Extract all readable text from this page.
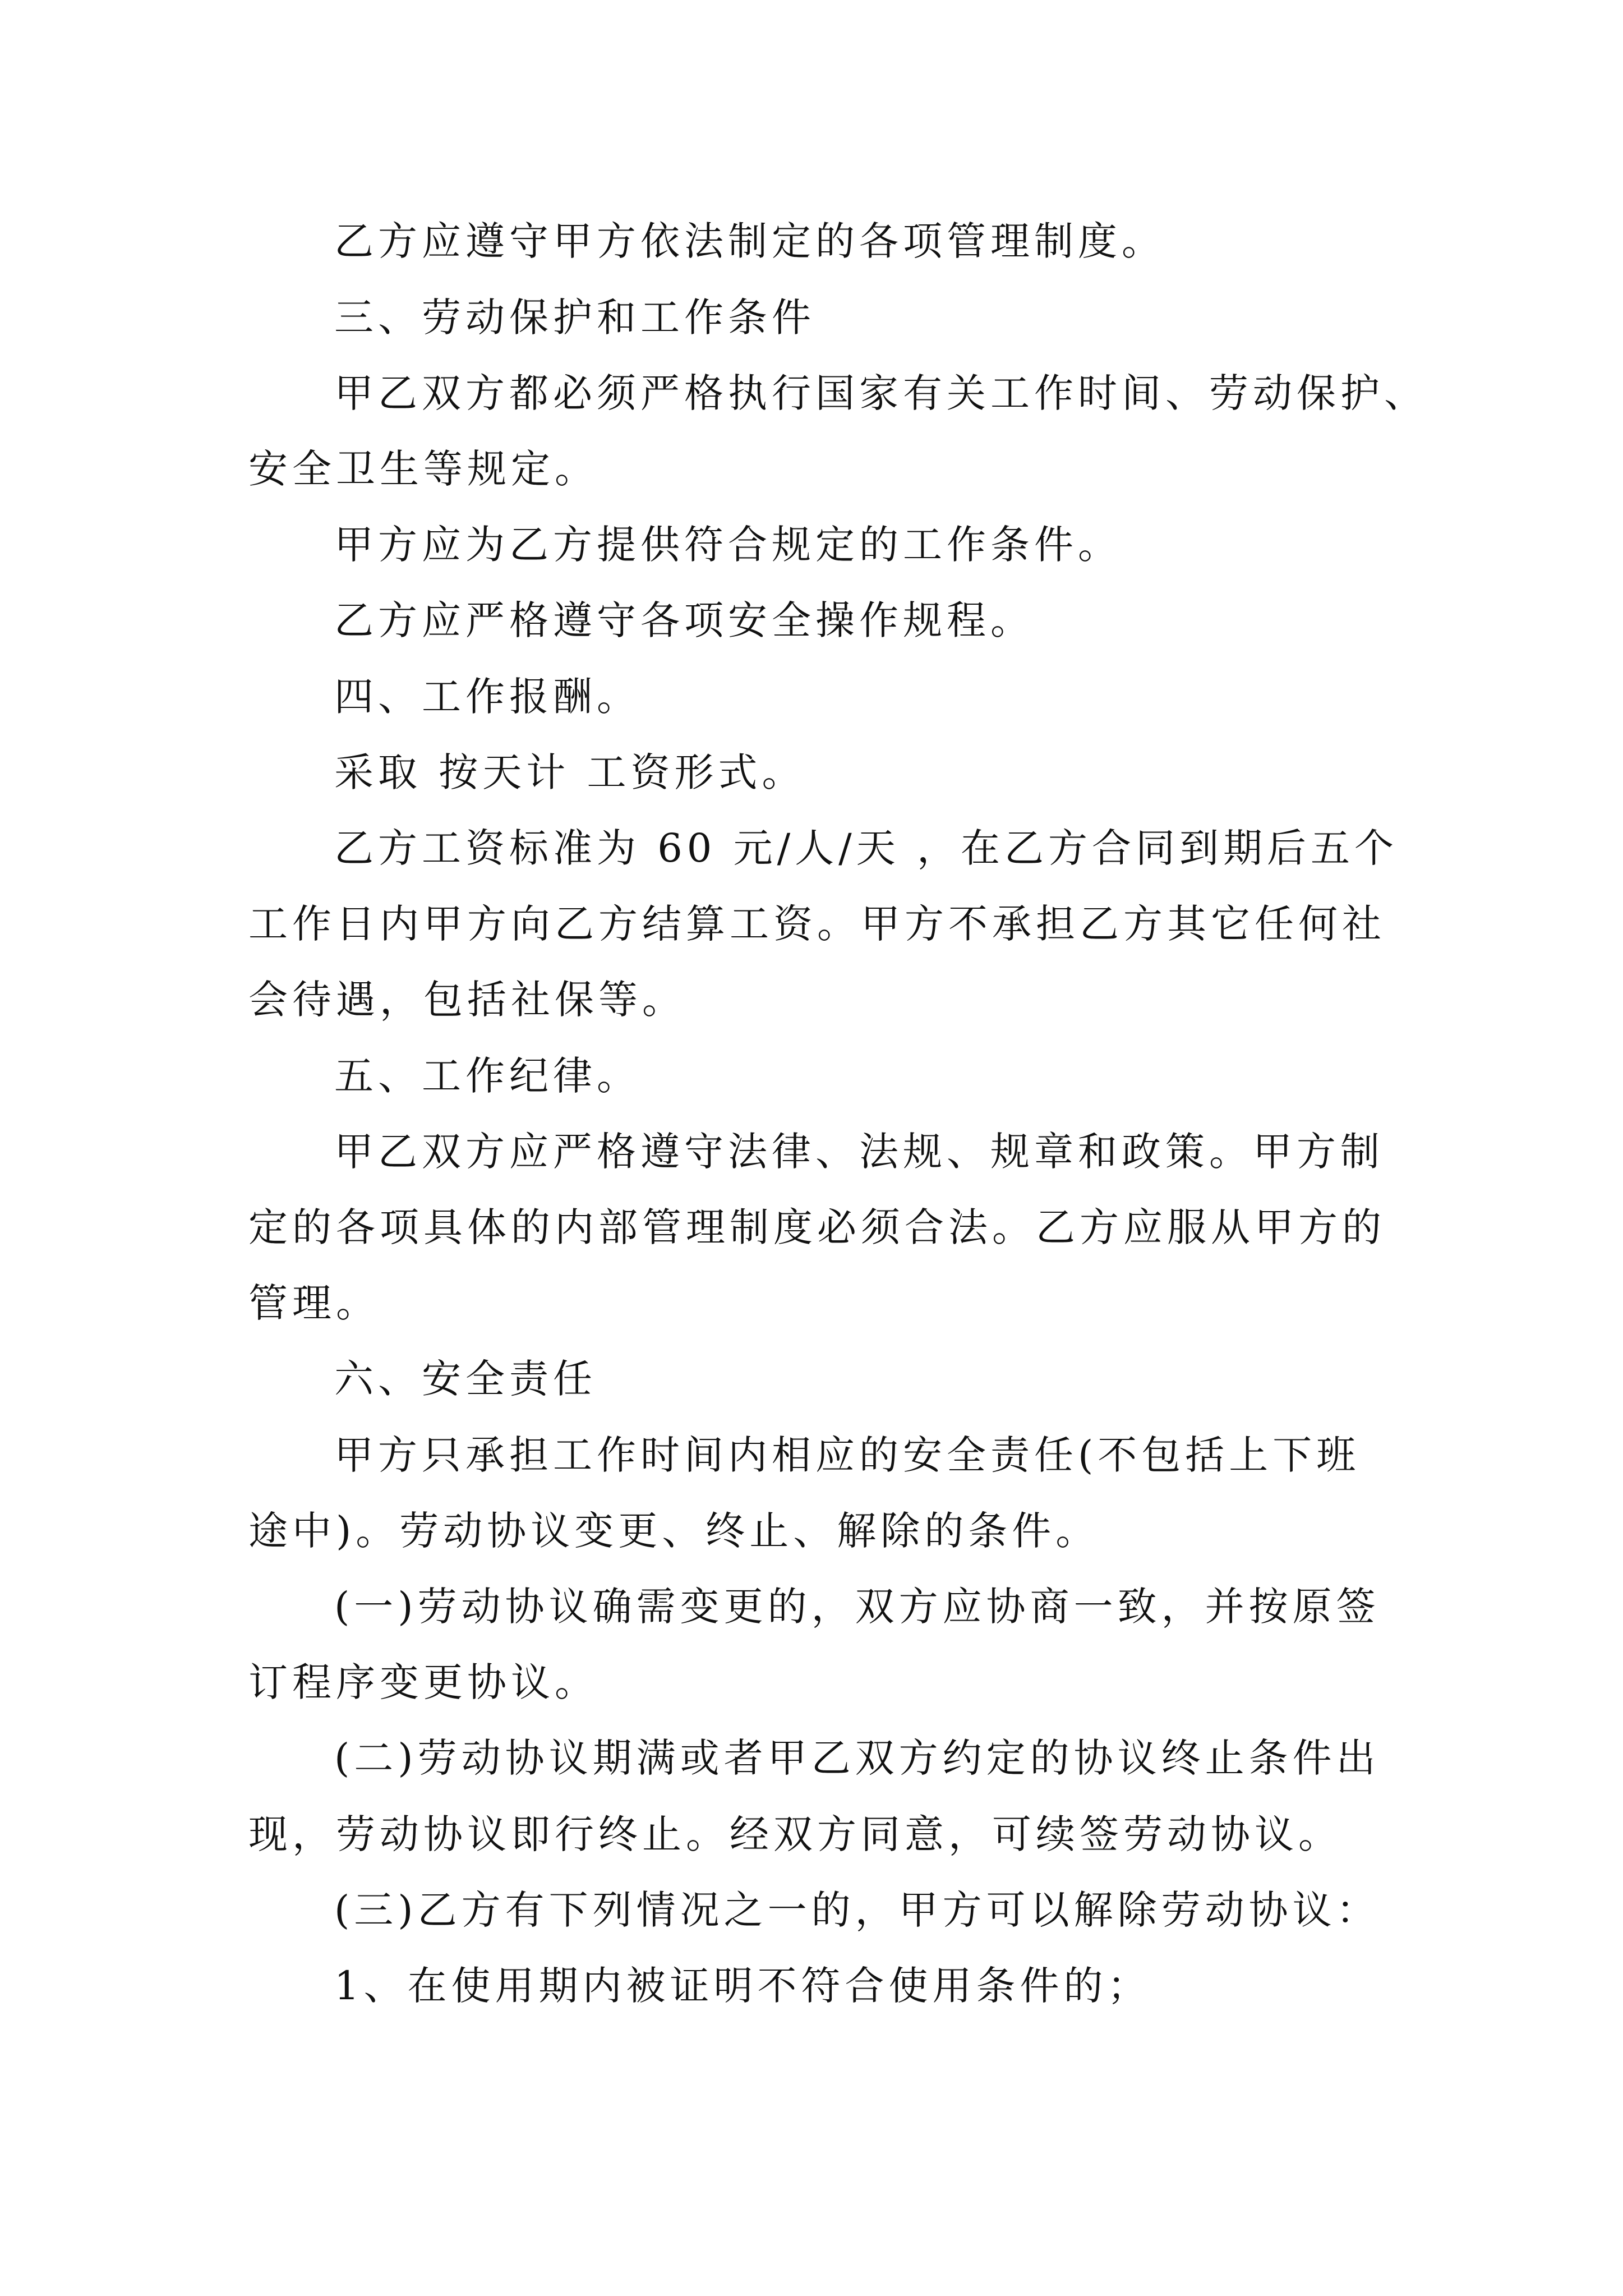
乙方应遵守甲方依法制定的各项管理制度。

三、劳动保护和工作条件

甲乙双方都必须严格执行国家有关工作时间、劳动保护、

安全卫生等规定。

甲方应为乙方提供符合规定的工作条件。

乙方应严格遵守各项安全操作规程。

四、工作报酬。

采取 按天计 工资形式。

乙方工资标准为 60 元/人/天 ，在乙方合同到期后五个

工作日内甲方向乙方结算工资。甲方不承担乙方其它任何社

会待遇，包括社保等。

五、工作纪律。

甲乙双方应严格遵守法律、法规、规章和政策。甲方制

定的各项具体的内部管理制度必须合法。乙方应服从甲方的

管理。

六、安全责任

甲方只承担工作时间内相应的安全责任(不包括上下班

途中)。劳动协议变更、终止、解除的条件。

(一)劳动协议确需变更的，双方应协商一致，并按原签

订程序变更协议。

(二)劳动协议期满或者甲乙双方约定的协议终止条件出

现，劳动协议即行终止。经双方同意，可续签劳动协议。

(三)乙方有下列情况之一的，甲方可以解除劳动协议：

1、在使用期内被证明不符合使用条件的；
